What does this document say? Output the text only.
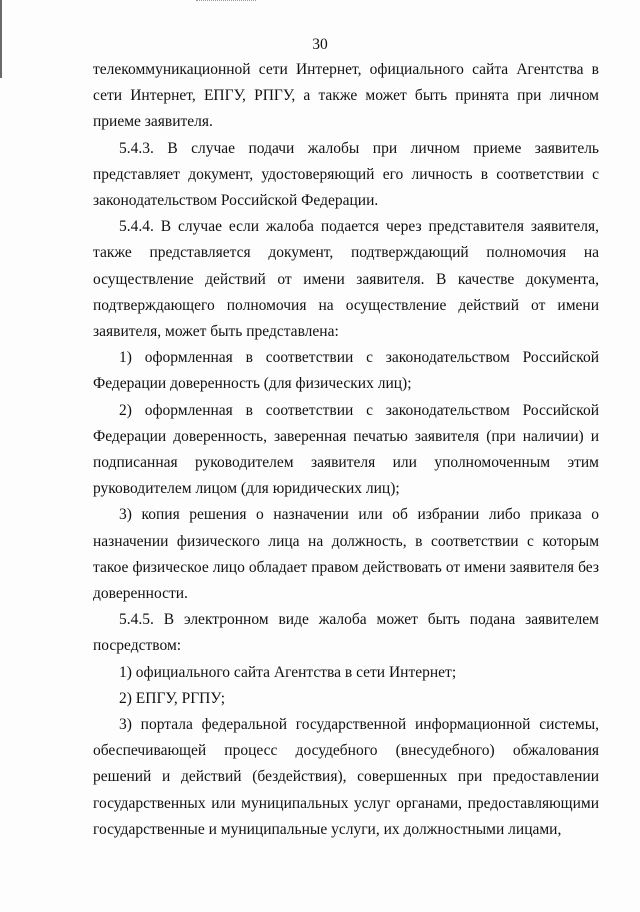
30

телекоммуникационной сети Интернет, официального сайта Агентства в сети Интернет, ЕПГУ, РПГУ, а также может быть принята при личном приеме заявителя.

5.4.3. В случае подачи жалобы при личном приеме заявитель представляет документ, удостоверяющий его личность в соответствии с законодательством Российской Федерации.

5.4.4. В случае если жалоба подается через представителя заявителя, также представляется документ, подтверждающий полномочия на осуществление действий от имени заявителя. В качестве документа, подтверждающего полномочия на осуществление действий от имени заявителя, может быть представлена:

1) оформленная в соответствии с законодательством Российской Федерации доверенность (для физических лиц);

2) оформленная в соответствии с законодательством Российской Федерации доверенность, заверенная печатью заявителя (при наличии) и подписанная руководителем заявителя или уполномоченным этим руководителем лицом (для юридических лиц);

3) копия решения о назначении или об избрании либо приказа о назначении физического лица на должность, в соответствии с которым такое физическое лицо обладает правом действовать от имени заявителя без доверенности.

5.4.5. В электронном виде жалоба может быть подана заявителем посредством:

1) официального сайта Агентства в сети Интернет;

2) ЕПГУ, РГПУ;

3) портала федеральной государственной информационной системы, обеспечивающей процесс досудебного (внесудебного) обжалования решений и действий (бездействия), совершенных при предоставлении государственных или муниципальных услуг органами, предоставляющими государственные и муниципальные услуги, их должностными лицами,
